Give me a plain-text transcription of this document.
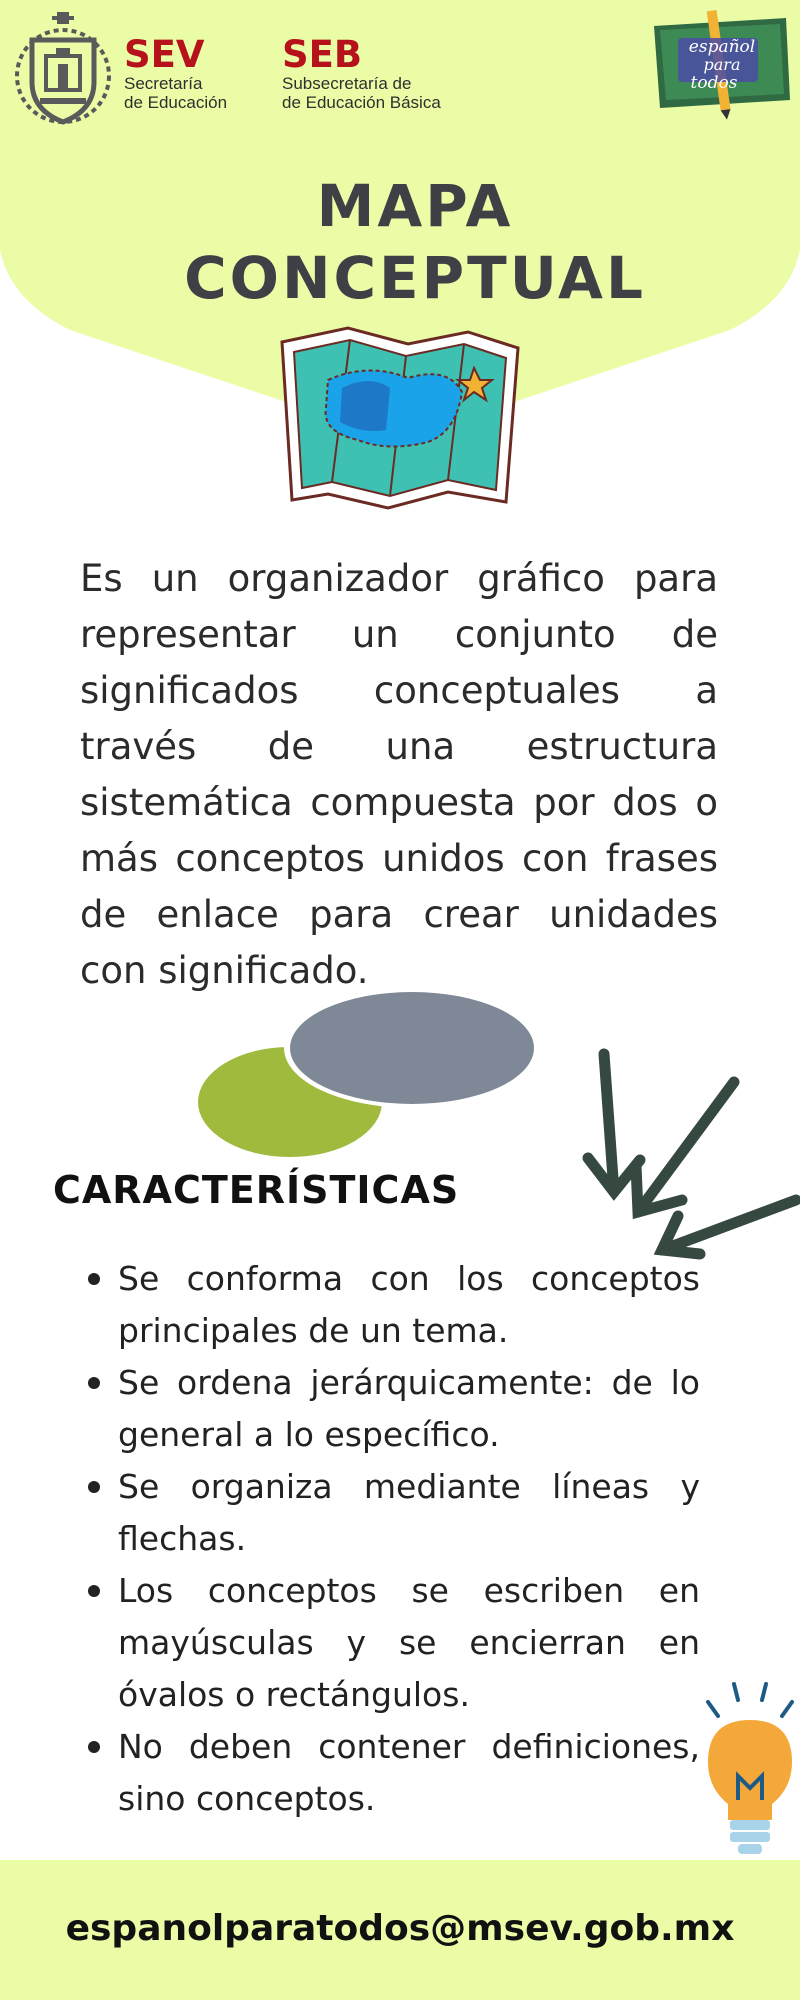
SEV
Secretaría
de Educación
SEB
Subsecretaría de
de Educación Básica
español
para
todos
MAPA
CONCEPTUAL

Es un organizador gráfico para representar un conjunto de significados conceptuales a través de una estructura sistemática compuesta por dos o más conceptos unidos con frases de enlace para crear unidades con significado.

CARACTERÍSTICAS
Se conforma con los conceptos principales de un tema.
Se ordena jerárquicamente: de lo general a lo específico.
Se organiza mediante líneas y flechas.
Los conceptos se escriben en mayúsculas y se encierran en óvalos o rectángulos.
No deben contener definiciones, sino conceptos.
espanolparatodos@msev.gob.mx
